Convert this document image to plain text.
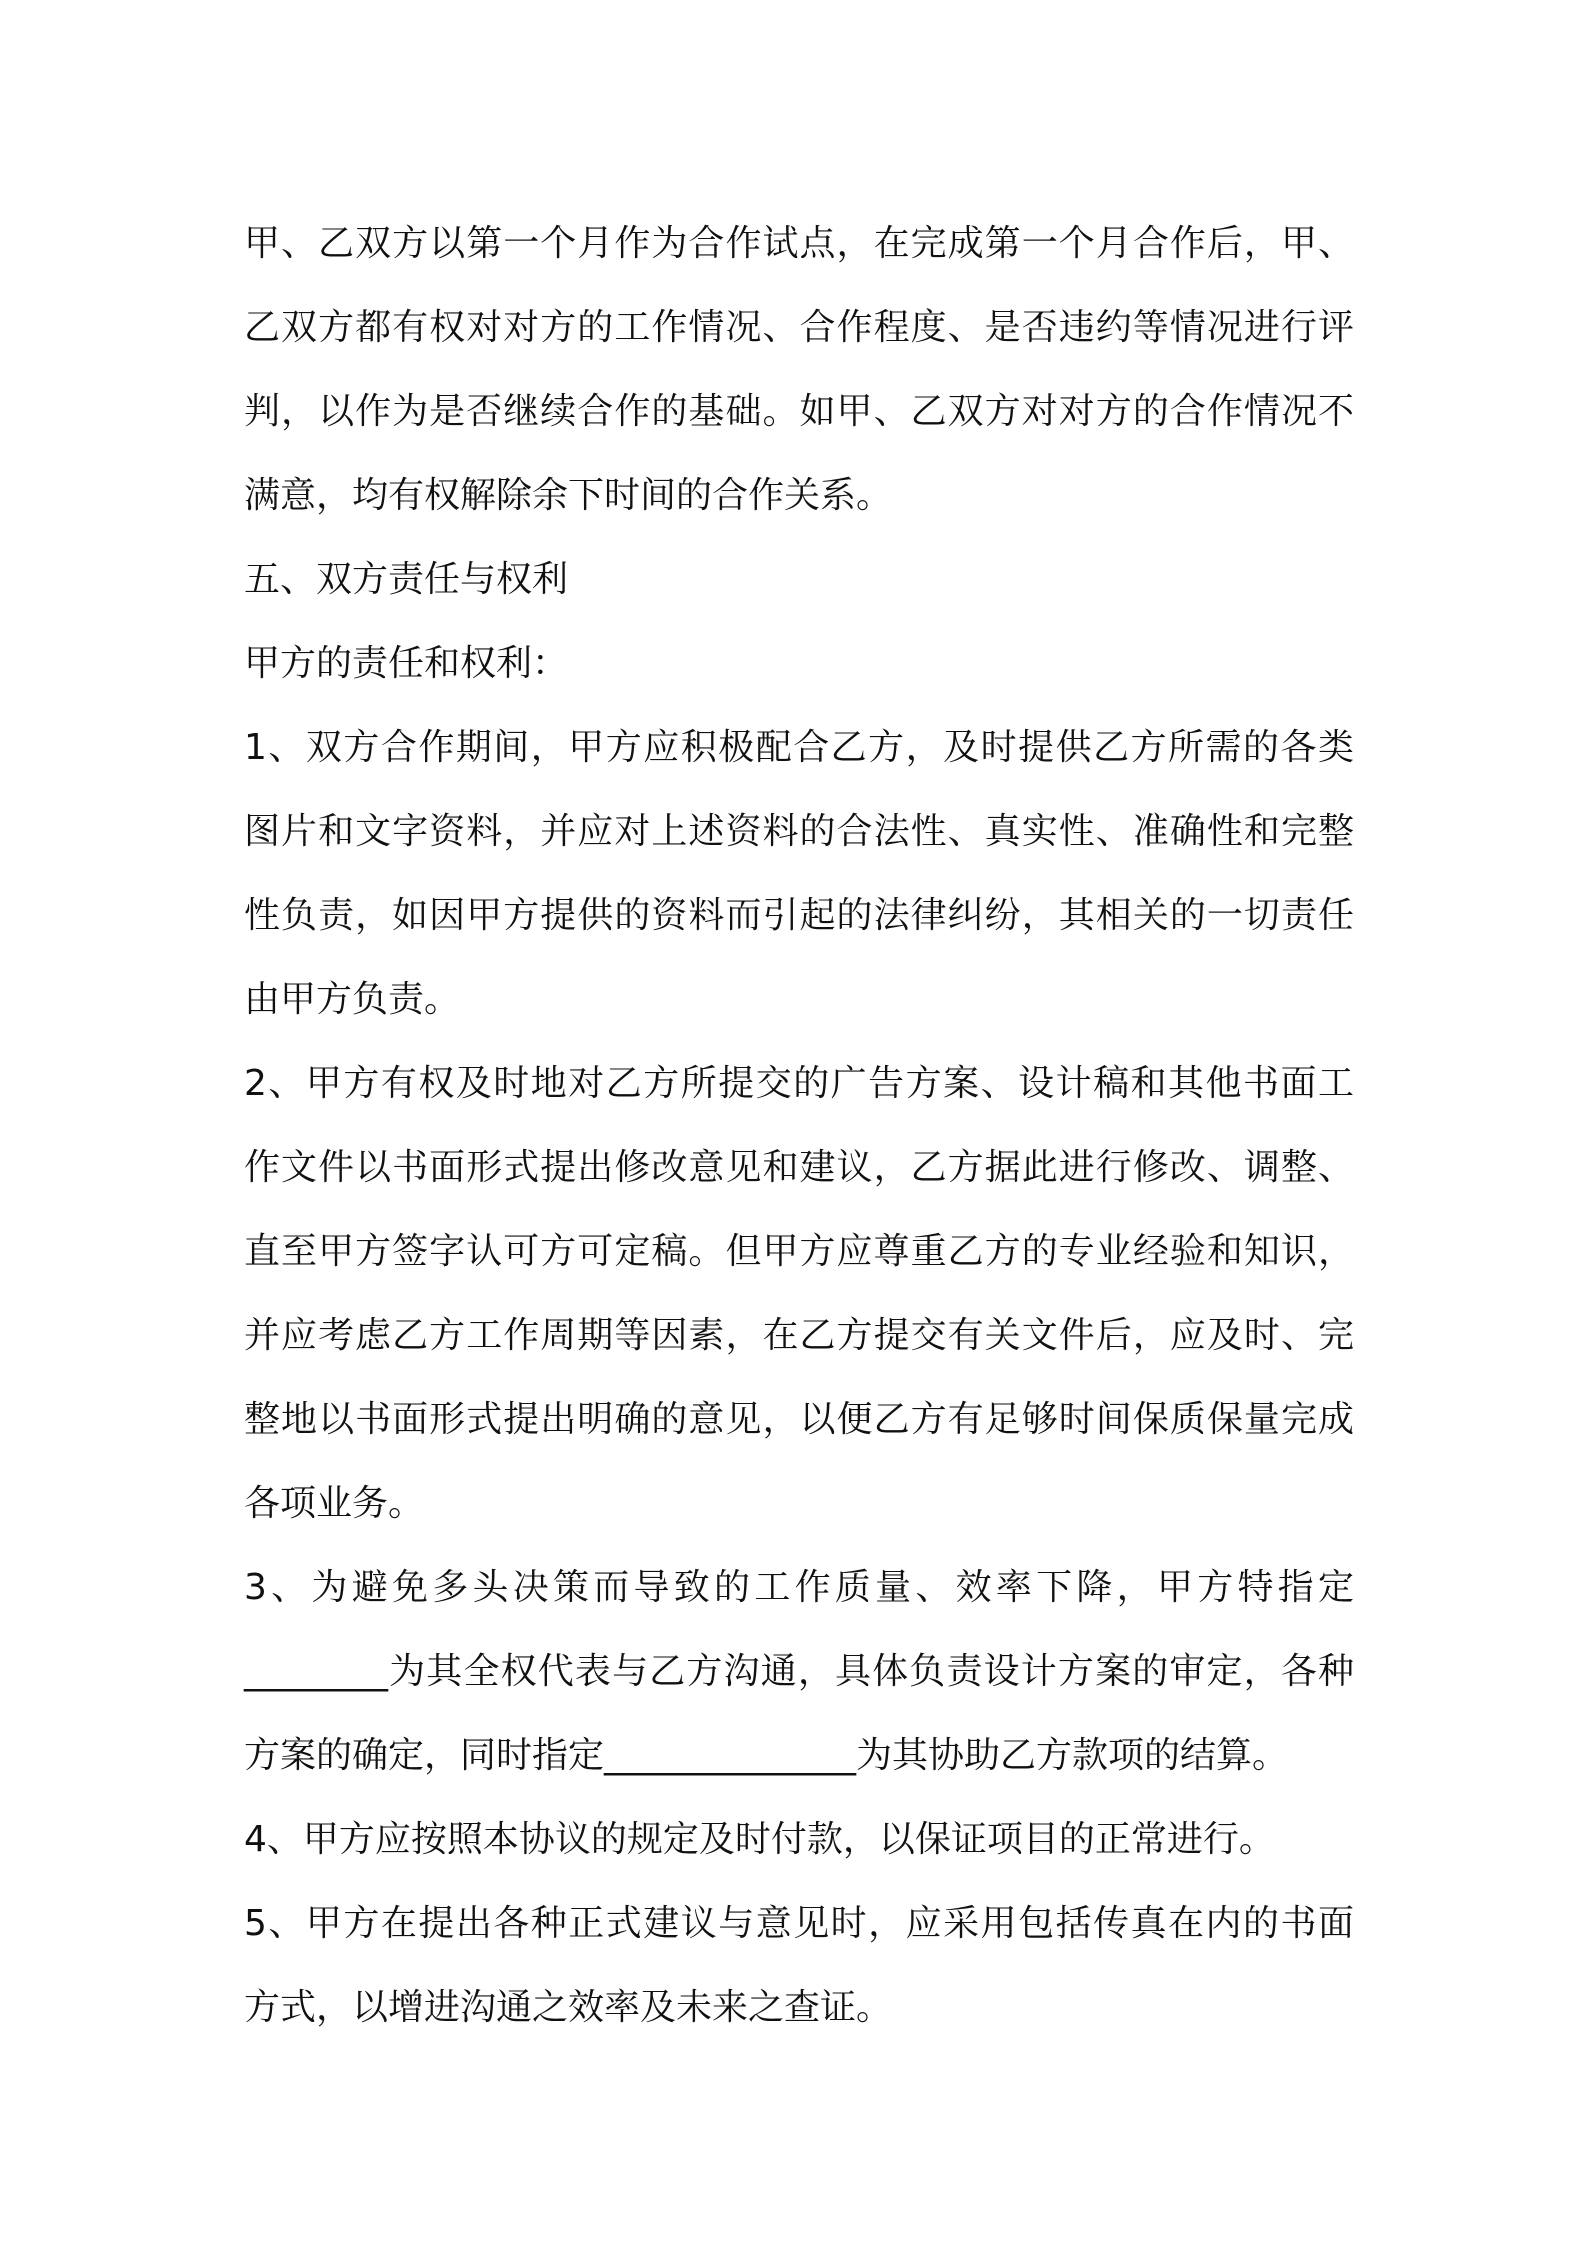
甲、乙双方以第一个月作为合作试点，在完成第一个月合作后，甲、
乙双方都有权对对方的工作情况、合作程度、是否违约等情况进行评
判，以作为是否继续合作的基础。如甲、乙双方对对方的合作情况不
满意，均有权解除余下时间的合作关系。

五、双方责任与权利

甲方的责任和权利：

1、双方合作期间，甲方应积极配合乙方，及时提供乙方所需的各类
图片和文字资料，并应对上述资料的合法性、真实性、准确性和完整
性负责，如因甲方提供的资料而引起的法律纠纷，其相关的一切责任
由甲方负责。

2、甲方有权及时地对乙方所提交的广告方案、设计稿和其他书面工
作文件以书面形式提出修改意见和建议，乙方据此进行修改、调整、
直至甲方签字认可方可定稿。但甲方应尊重乙方的专业经验和知识，
并应考虑乙方工作周期等因素，在乙方提交有关文件后，应及时、完
整地以书面形式提出明确的意见，以便乙方有足够时间保质保量完成
各项业务。

3、为避免多头决策而导致的工作质量、效率下降，甲方特指定
________为其全权代表与乙方沟通，具体负责设计方案的审定，各种
方案的确定，同时指定______________为其协助乙方款项的结算。

4、甲方应按照本协议的规定及时付款，以保证项目的正常进行。

5、甲方在提出各种正式建议与意见时，应采用包括传真在内的书面
方式，以增进沟通之效率及未来之查证。
